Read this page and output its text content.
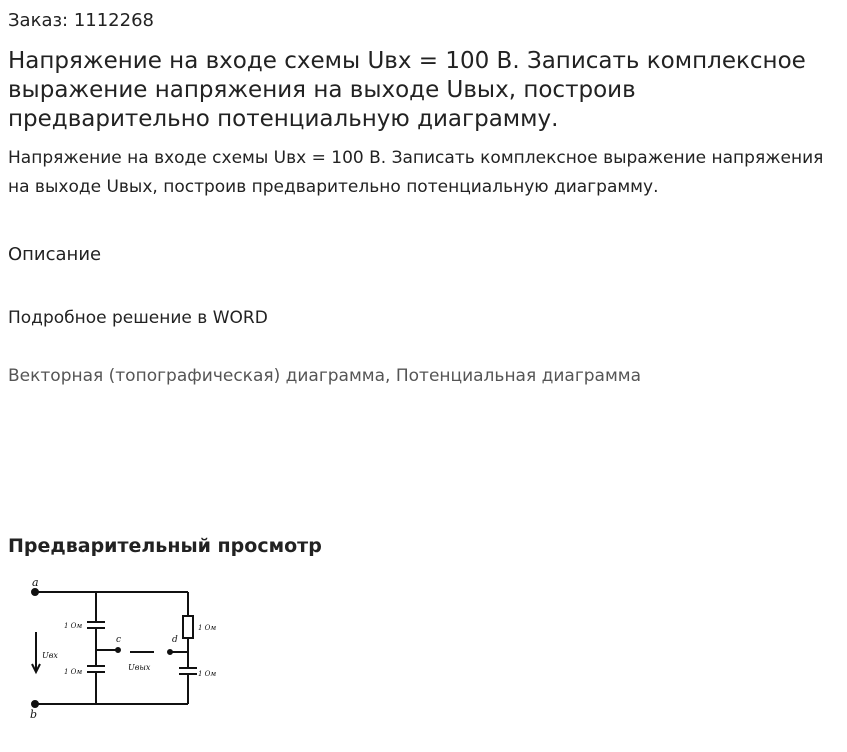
Заказ: 1112268
Напряжение на входе схемы Uвх = 100 В. Записать комплексное выражение напряжения на выходе Uвых, построив предварительно потенциальную диаграмму.
Напряжение на входе схемы Uвх = 100 В. Записать комплексное выражение напряжения на выходе Uвых, построив предварительно потенциальную диаграмму.
Описание
Подробное решение в WORD
Векторная (топографическая) диаграмма, Потенциальная диаграмма
Предварительный просмотр
a
b
c	d
1 Ом
1 Ом
1 Ом
1 Ом
Uвх
Uвых
